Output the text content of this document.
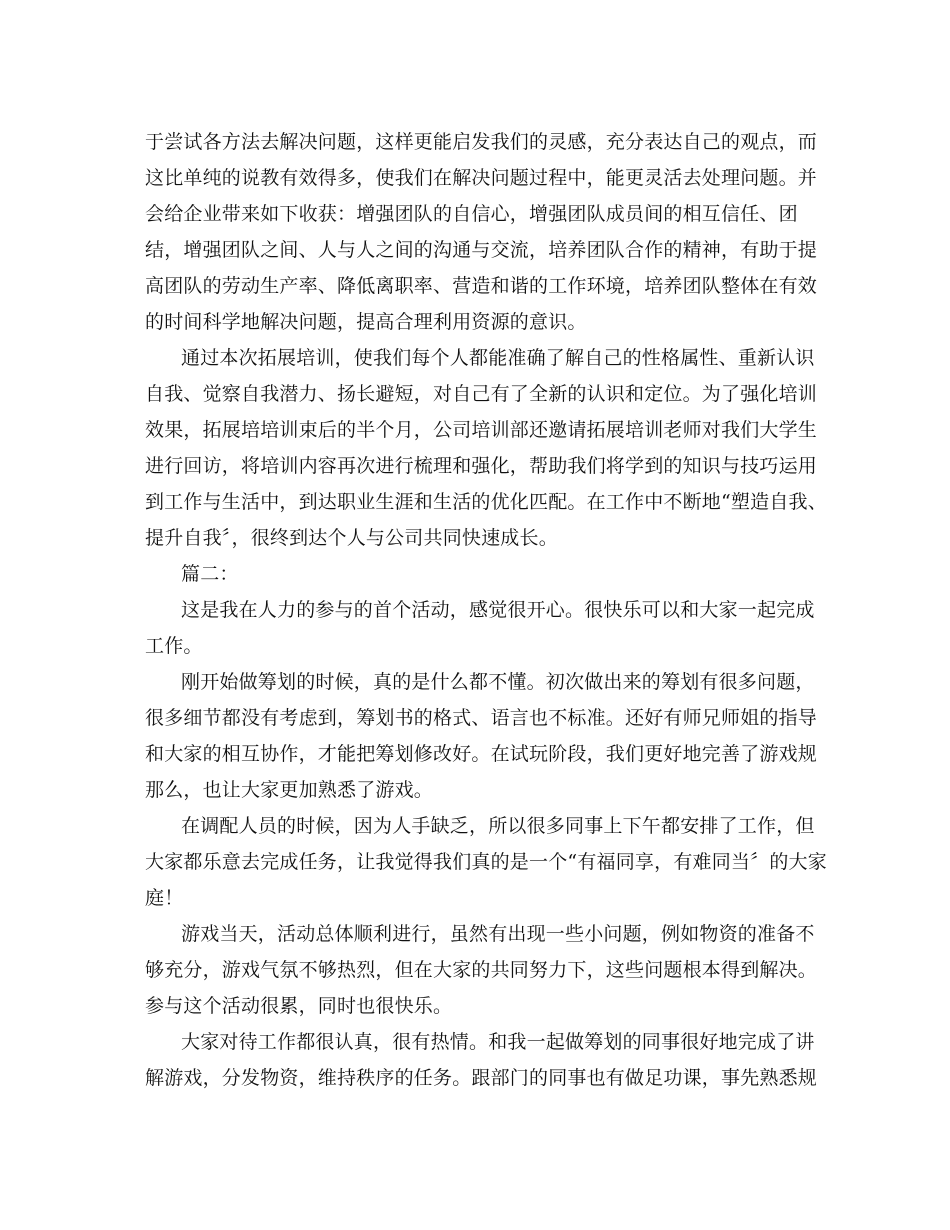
于尝试各方法去解决问题，这样更能启发我们的灵感，充分表达自己的观点，而
这比单纯的说教有效得多，使我们在解决问题过程中，能更灵活去处理问题。并
会给企业带来如下收获：增强团队的自信心，增强团队成员间的相互信任、团
结，增强团队之间、人与人之间的沟通与交流，培养团队合作的精神，有助于提
高团队的劳动生产率、降低离职率、营造和谐的工作环境，培养团队整体在有效
的时间科学地解决问题，提高合理利用资源的意识。
通过本次拓展培训，使我们每个人都能准确了解自己的性格属性、重新认识
自我、觉察自我潜力、扬长避短，对自己有了全新的认识和定位。为了强化培训
效果，拓展培培训束后的半个月，公司培训部还邀请拓展培训老师对我们大学生
进行回访，将培训内容再次进行梳理和强化，帮助我们将学到的知识与技巧运用
到工作与生活中，到达职业生涯和生活的优化匹配。在工作中不断地“塑造自我、
提升自我〞，很终到达个人与公司共同快速成长。
篇二：
这是我在人力的参与的首个活动，感觉很开心。很快乐可以和大家一起完成
工作。
刚开始做筹划的时候，真的是什么都不懂。初次做出来的筹划有很多问题，
很多细节都没有考虑到，筹划书的格式、语言也不标准。还好有师兄师姐的指导
和大家的相互协作，才能把筹划修改好。在试玩阶段，我们更好地完善了游戏规
那么，也让大家更加熟悉了游戏。
在调配人员的时候，因为人手缺乏，所以很多同事上下午都安排了工作，但
大家都乐意去完成任务，让我觉得我们真的是一个“有福同享，有难同当〞的大家
庭！
游戏当天，活动总体顺利进行，虽然有出现一些小问题，例如物资的准备不
够充分，游戏气氛不够热烈，但在大家的共同努力下，这些问题根本得到解决。
参与这个活动很累，同时也很快乐。
大家对待工作都很认真，很有热情。和我一起做筹划的同事很好地完成了讲
解游戏，分发物资，维持秩序的任务。跟部门的同事也有做足功课，事先熟悉规
